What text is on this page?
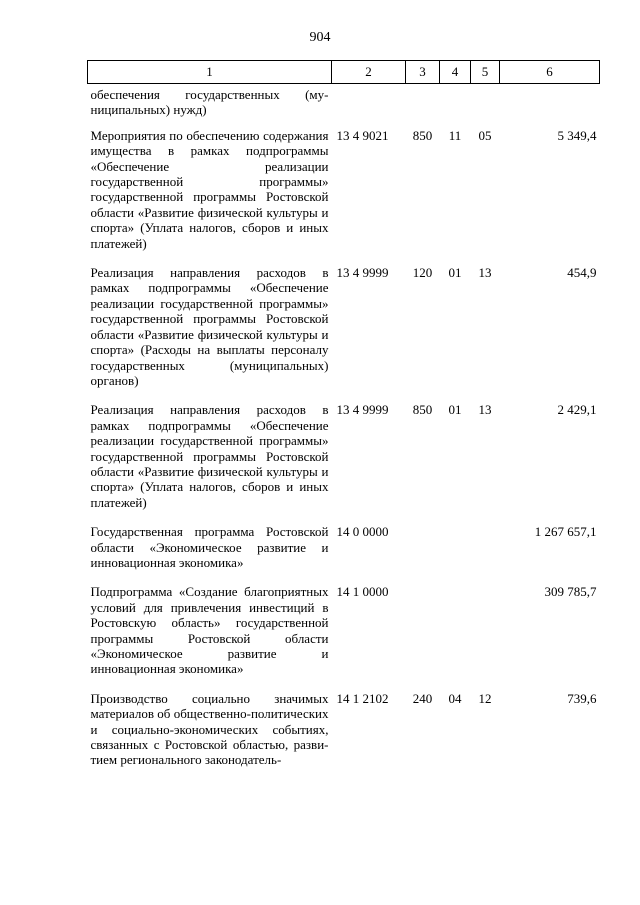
904
1	2	3	4	5	6
обеспечения государственных (муниципальных) нужд)					
Мероприятия по обеспечению содержания имущества в рамках подпрограммы «Обеспечение реализации государственной программы» государственной программы Ростовской области «Развитие физической культуры и спорта» (Уплата налогов, сборов и иных платежей)	13 4 9021	850	11	05	5 349,4
Реализация направления расходов в рамках подпрограммы «Обеспечение реализации государственной программы» государственной программы Ростовской области «Развитие физической культуры и спорта» (Расходы на выплаты персоналу государственных (муниципальных) органов)	13 4 9999	120	01	13	454,9
Реализация направления расходов в рамках подпрограммы «Обеспечение реализации государственной программы» государственной программы Ростовской области «Развитие физической культуры и спорта» (Уплата налогов, сборов и иных платежей)	13 4 9999	850	01	13	2 429,1
Государственная программа Ростовской области «Экономическое развитие и инновационная экономика»	14 0 0000				1 267 657,1
Подпрограмма «Создание благоприятных условий для привлечения инвестиций в Ростовскую область» государственной программы Ростовской области «Экономическое развитие и инновационная экономика»	14 1 0000				309 785,7
Производство социально значимых материалов об общественно-политических и социально-экономических событиях, связанных с Ростовской областью, развитием регионального законодатель-	14 1 2102	240	04	12	739,6
